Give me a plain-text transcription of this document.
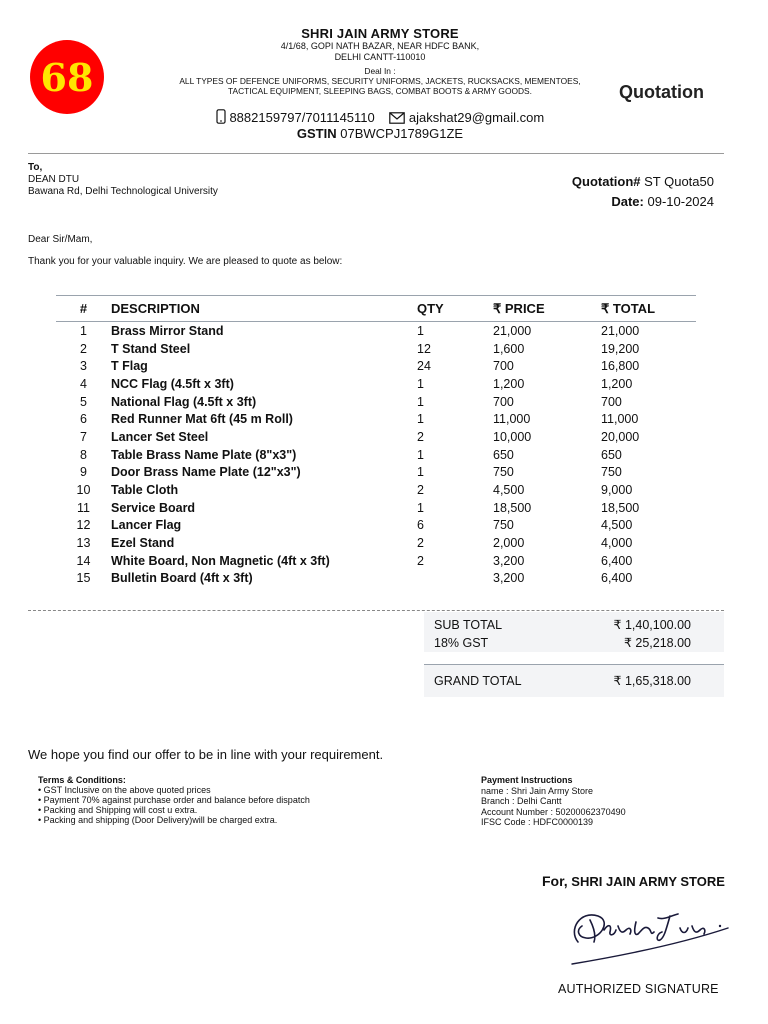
68
SHRI JAIN ARMY STORE
4/1/68, GOPI NATH BAZAR, NEAR HDFC BANK,
DELHI CANTT-110010
Deal In :
ALL TYPES OF DEFENCE UNIFORMS, SECURITY UNIFORMS, JACKETS, RUCKSACKS, MEMENTOES,
TACTICAL EQUIPMENT, SLEEPING BAGS, COMBAT BOOTS & ARMY GOODS.	Quotation
8882159797/7011145110	ajakshat29@gmail.com
GSTIN 07BWCPJ1789G1ZE
To,
DEAN DTU
Bawana Rd, Delhi Technological University
Quotation# ST Quota50
Date: 09-10-2024
Dear Sir/Mam,
Thank you for your valuable inquiry. We are pleased to quote as below:
#	DESCRIPTION	QTY	₹ PRICE	₹ TOTAL
1	Brass Mirror Stand	1	21,000	21,000
2	T Stand Steel	12	1,600	19,200
3	T Flag	24	700	16,800
4	NCC Flag (4.5ft x 3ft)	1	1,200	1,200
5	National Flag (4.5ft x 3ft)	1	700	700
6	Red Runner Mat 6ft (45 m Roll)	1	11,000	11,000
7	Lancer Set Steel	2	10,000	20,000
8	Table Brass Name Plate (8"x3")	1	650	650
9	Door Brass Name Plate (12"x3")	1	750	750
10	Table Cloth	2	4,500	9,000
11	Service Board	1	18,500	18,500
12	Lancer Flag	6	750	4,500
13	Ezel Stand	2	2,000	4,000
14	White Board, Non Magnetic (4ft x 3ft)	2	3,200	6,400
15	Bulletin Board (4ft x 3ft)		3,200	6,400
SUB TOTAL	₹ 1,40,100.00
18% GST	₹ 25,218.00
GRAND TOTAL	₹ 1,65,318.00
We hope you find our offer to be in line with your requirement.
Terms & Conditions:
• GST Inclusive on the above quoted prices
• Payment 70% against purchase order and balance before dispatch
• Packing and Shipping will cost u extra.
• Packing and shipping (Door Delivery)will be charged extra.
Payment Instructions
name : Shri Jain Army Store
Branch : Delhi Cantt
Account Number : 50200062370490
IFSC Code : HDFC0000139
For, SHRI JAIN ARMY STORE
AUTHORIZED SIGNATURE
